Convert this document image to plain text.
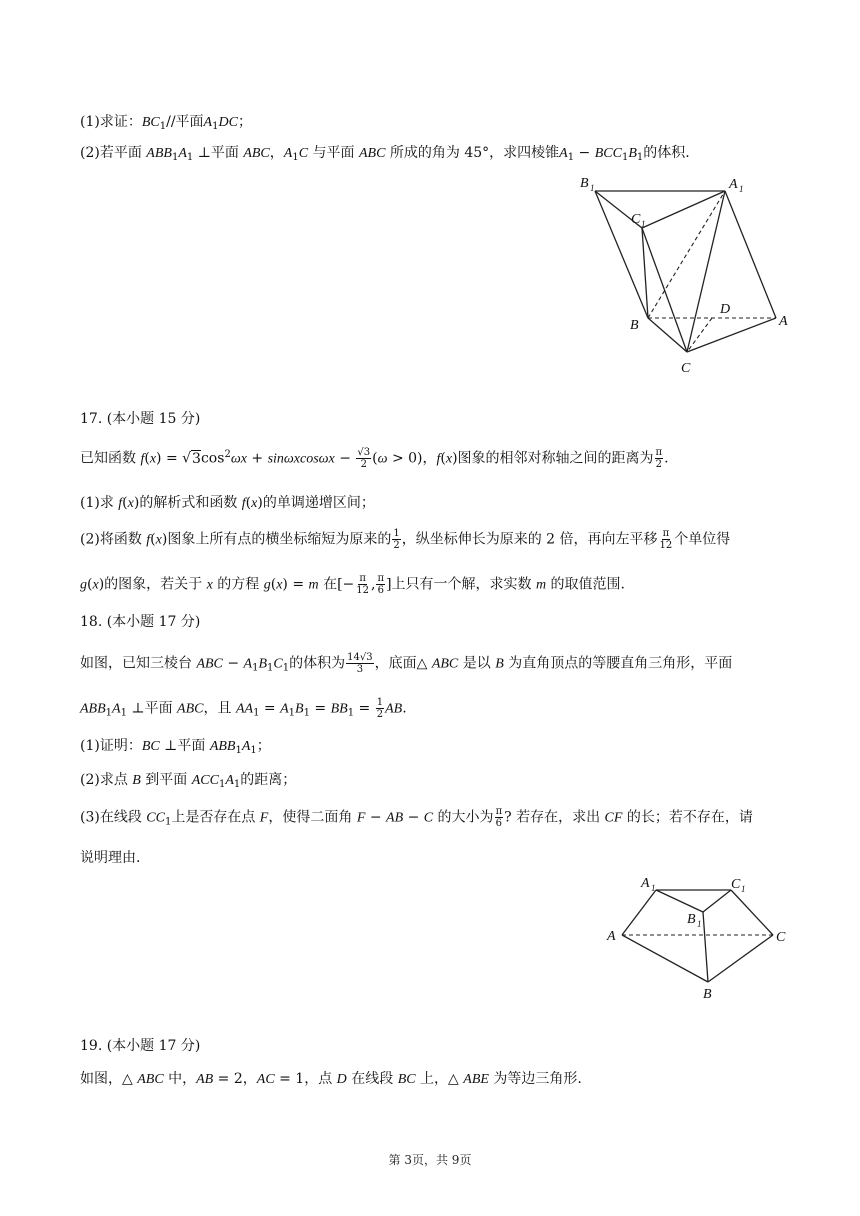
(1)求证：$BC_1//$平面$A_1DC$；
(2)若平面 $ABB_1A_1$ ⊥平面 ABC，$A_1C$ 与平面 ABC 所成的角为 45°，求四棱锥$A_1 - BCC_1B_1$的体积.
B 1	A 1
C 1
D
A
B
C
17. (本小题 15 分)
已知函数 $f(x) = √3\cos^2\omega x + \sin\omega xcos\omega x - \frac{√3}{2} (\omega > 0)$，f(x)图象的相邻对称轴之间的距离为 $\frac{\pi}{2}$ .
(1)求 f(x)的解析式和函数 f(x)的单调递增区间；
(2)将函数 f(x)图象上所有点的横坐标缩短为原来的 $\frac{1}{2}$ ，纵坐标伸长为原来的 2 倍，再向左平移 $\frac{\pi}{12}$ 个单位得
g(x)的图象，若关于 x 的方程 g(x) = m 在[− $\frac{\pi}{12}$ , $\frac{\pi}{6}$ ]上只有一个解，求实数 m 的取值范围.
18. (本小题 17 分)
如图，已知三棱台 ABC − $A_1B_1C_1$的体积为 $\frac{14√3}{3}$ ，底面△ ABC 是以 B 为直角顶点的等腰直角三角形，平面
$ABB_1A_1$ ⊥平面 ABC，且 $AA_1 = A_1B_1 = BB_1 = \frac{1}{2}$ AB.
(1)证明：BC ⊥平面 $ABB_1A_1$；
(2)求点 B 到平面 $ACC_1A_1$的距离；
(3)在线段 $CC_1$上是否存在点 F，使得二面角 F − AB − C 的大小为 $\frac{\pi}{6}$ ? 若存在，求出 CF 的长；若不存在，请
说明理由.
A 1	C 1
B 1
A	C
B
19. (本小题 17 分)
如图，△ ABC 中，AB = 2，AC = 1，点 D 在线段 BC 上，△ ABE 为等边三角形.
第 3页，共 9页
